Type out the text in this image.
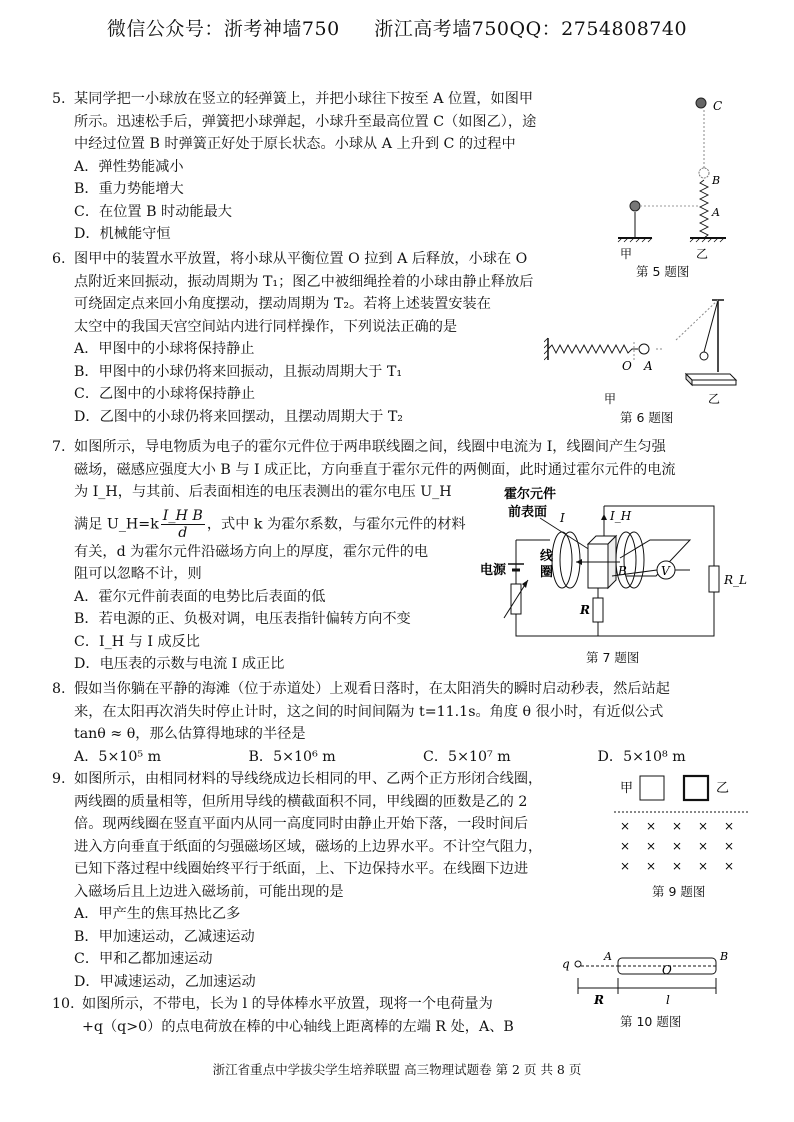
微信公众号：浙考神墙750 浙江高考墙750QQ：2754808740

5. 某同学把一小球放在竖立的轻弹簧上，并把小球往下按至 A 位置，如图甲

所示。迅速松手后，弹簧把小球弹起，小球升至最高位置 C（如图乙），途

中经过位置 B 时弹簧正好处于原长状态。小球从 A 上升到 C 的过程中

A．弹性势能减小

B．重力势能增大

C．在位置 B 时动能最大

D．机械能守恒

C
B
A
甲	乙
第 5 题图

6. 图甲中的装置水平放置，将小球从平衡位置 O 拉到 A 后释放，小球在 O

点附近来回振动，振动周期为 T₁；图乙中被细绳拴着的小球由静止释放后

可绕固定点来回小角度摆动，摆动周期为 T₂。若将上述装置安装在

太空中的我国天宫空间站内进行同样操作，下列说法正确的是

A．甲图中的小球将保持静止

B．甲图中的小球仍将来回振动，且振动周期大于 T₁

C．乙图中的小球将保持静止

D．乙图中的小球仍将来回摆动，且摆动周期大于 T₂

O A
甲	乙
第 6 题图

7. 如图所示，导电物质为电子的霍尔元件位于两串联线圈之间，线圈中电流为 I，线圈间产生匀强

磁场，磁感应强度大小 B 与 I 成正比，方向垂直于霍尔元件的两侧面，此时通过霍尔元件的电流

为 I_H，与其前、后表面相连的电压表测出的霍尔电压 U_H

满足 U_H=k $\frac{\text{I\_H B}}{d}$ ，式中 k 为霍尔系数，与霍尔元件的材料

有关，d 为霍尔元件沿磁场方向上的厚度，霍尔元件的电

阻可以忽略不计，则

A．霍尔元件前表面的电势比后表面的低

B．若电源的正、负极对调，电压表指针偏转方向不变

C．I_H 与 I 成反比

D．电压表的示数与电流 I 成正比

霍尔元件
前表面	I_H
电源
线
圈
I
B	V
R
R_L
第 7 题图

8. 假如当你躺在平静的海滩（位于赤道处）上观看日落时，在太阳消失的瞬时启动秒表，然后站起

来，在太阳再次消失时停止计时，这之间的时间间隔为 t=11.1s。角度 θ 很小时，有近似公式

tanθ ≈ θ，那么估算得地球的半径是

A．5×10⁵ m	B．5×10⁶ m	C．5×10⁷ m	D．5×10⁸ m

9. 如图所示，由相同材料的导线绕成边长相同的甲、乙两个正方形闭合线圈，

两线圈的质量相等，但所用导线的横截面积不同，甲线圈的匝数是乙的 2

倍。现两线圈在竖直平面内从同一高度同时由静止开始下落，一段时间后

进入方向垂直于纸面的匀强磁场区域，磁场的上边界水平。不计空气阻力，

已知下落过程中线圈始终平行于纸面，上、下边保持水平。在线圈下边进

入磁场后且上边进入磁场前，可能出现的是

A．甲产生的焦耳热比乙多

B．甲加速运动，乙减速运动

C．甲和乙都加速运动

D．甲减速运动，乙加速运动

甲	乙
× × × × ×
× × × × ×
× × × × ×
第 9 题图

10. 如图所示，不带电，长为 l 的导体棒水平放置，现将一个电荷量为

+q（q>0）的点电荷放在棒的中心轴线上距离棒的左端 R 处，A、B

q
A
O
B
R	l
第 10 题图
浙江省重点中学拔尖学生培养联盟 高三物理试题卷 第 2 页 共 8 页
